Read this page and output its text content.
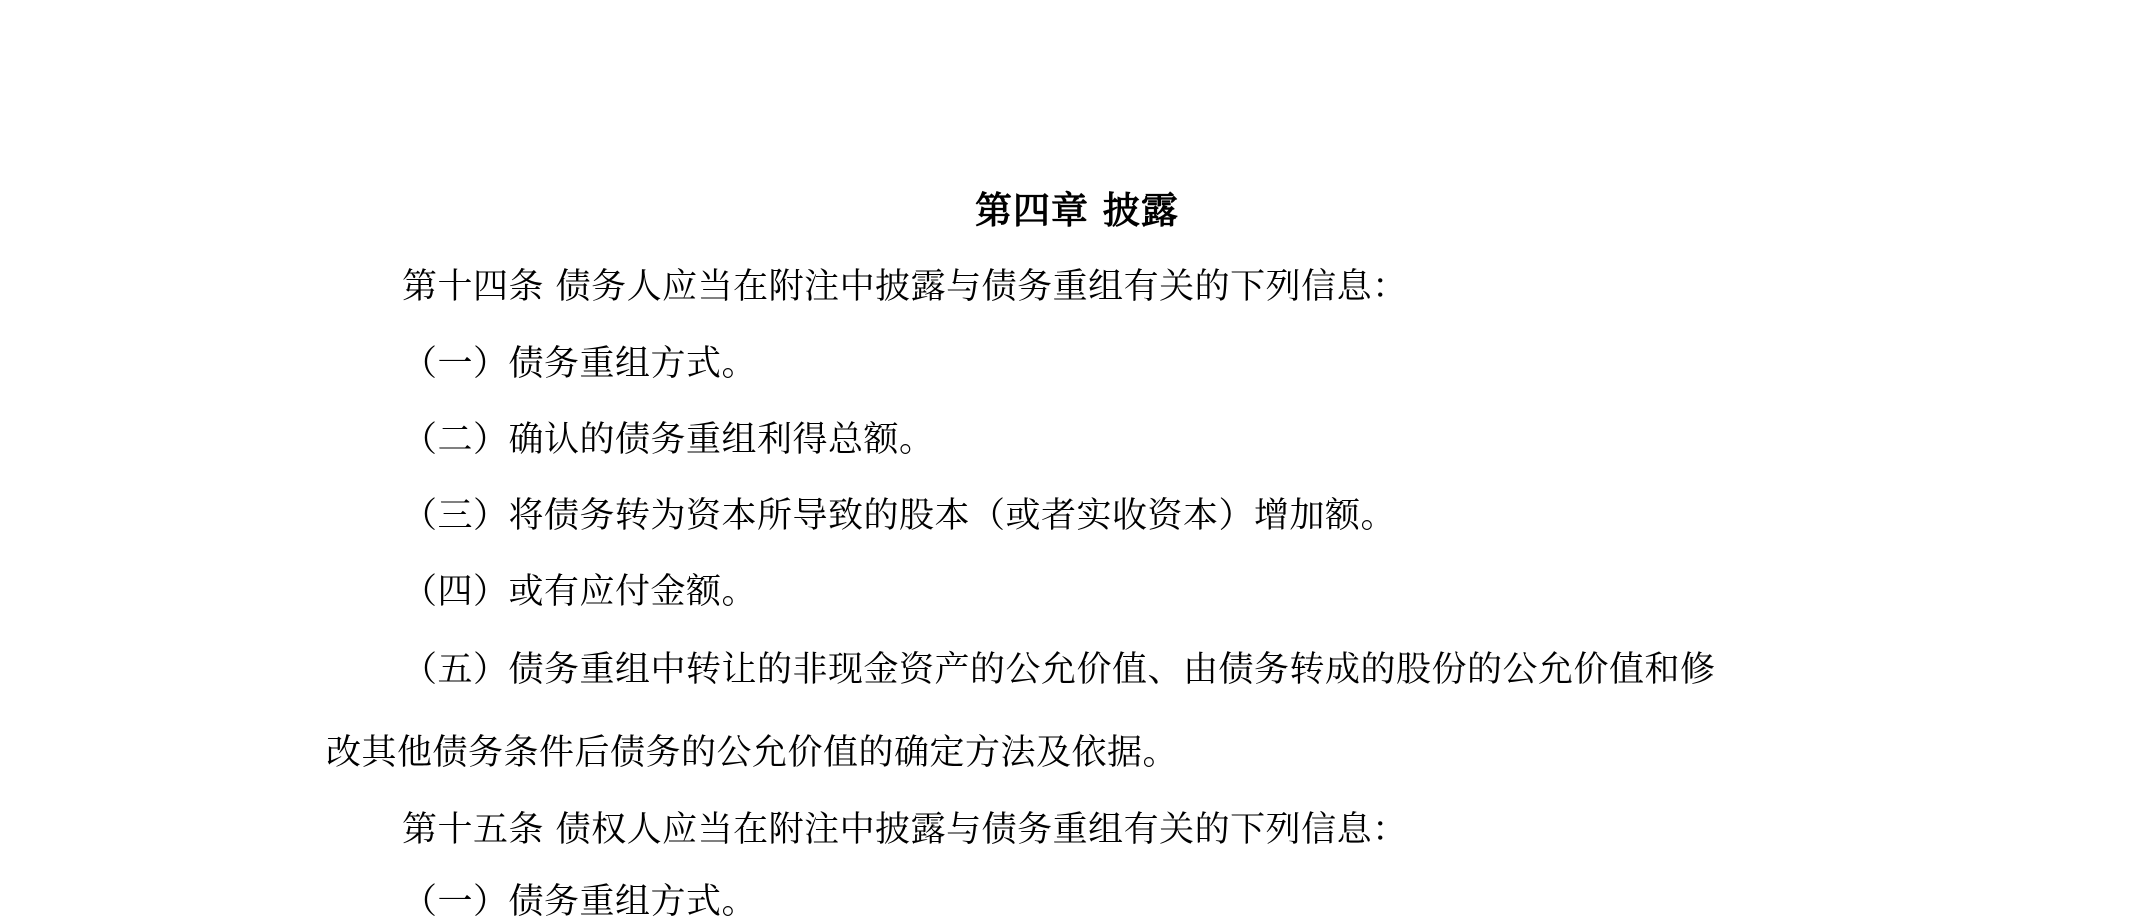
第四章 披露
第十四条 债务人应当在附注中披露与债务重组有关的下列信息：
（一）债务重组方式。
（二）确认的债务重组利得总额。
（三）将债务转为资本所导致的股本（或者实收资本）增加额。
（四）或有应付金额。
（五）债务重组中转让的非现金资产的公允价值、由债务转成的股份的公允价值和修
改其他债务条件后债务的公允价值的确定方法及依据。
第十五条 债权人应当在附注中披露与债务重组有关的下列信息：
（一）债务重组方式。
